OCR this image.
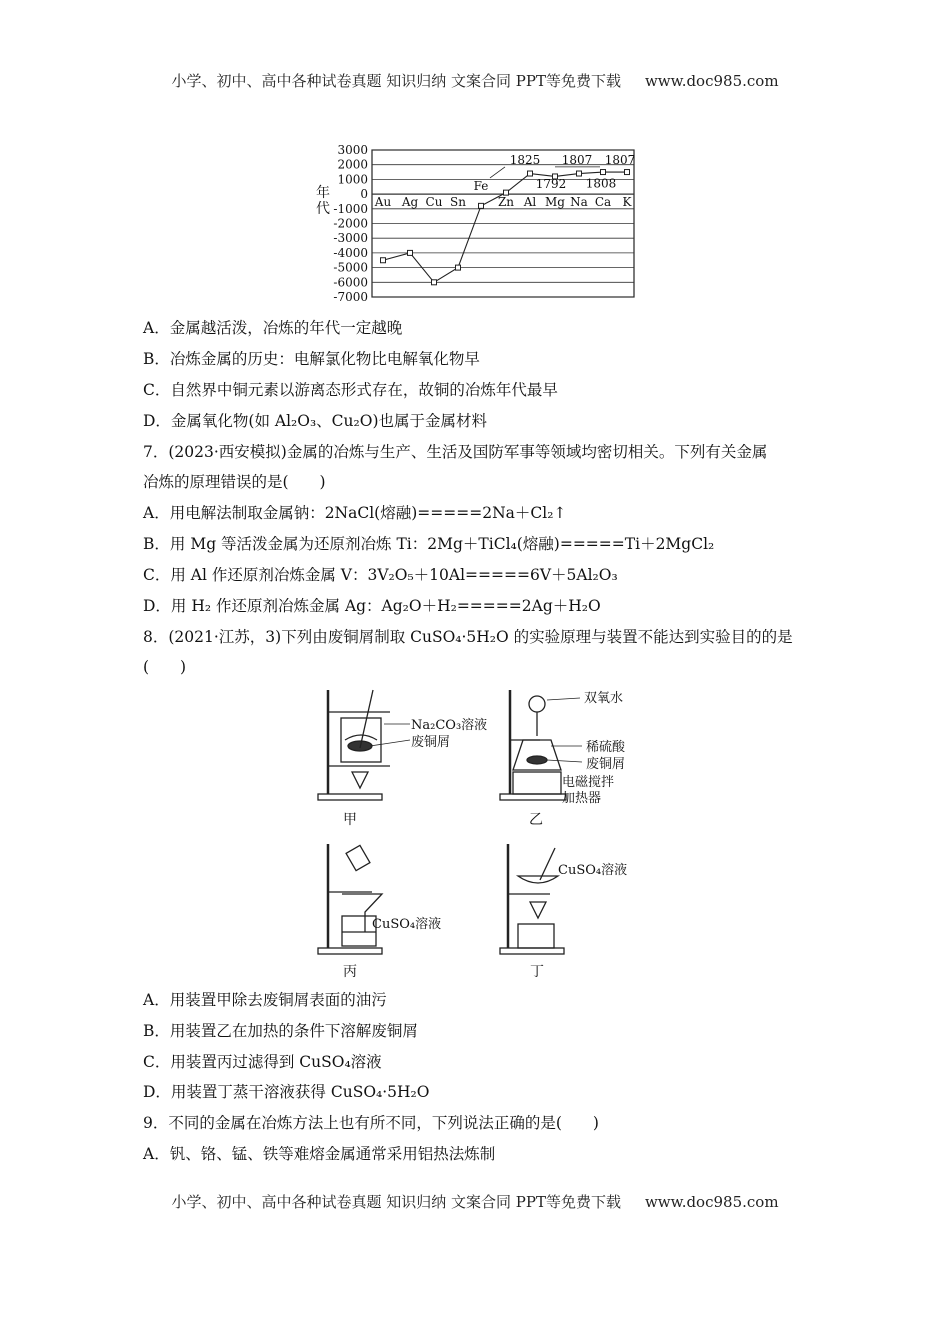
小学、初中、高中各种试卷真题 知识归纳 文案合同 PPT等免费下载 www.doc985.com
3000
2000
1000
0
-1000
-2000
-3000
-4000
-5000
-6000
-7000
年代	Au Ag Cu Sn
Fe
Zn Al Mg Na Ca K
1825 1807 1807
1792 1808
A．金属越活泼，冶炼的年代一定越晚
B．冶炼金属的历史：电解氯化物比电解氧化物早
C．自然界中铜元素以游离态形式存在，故铜的冶炼年代最早
D．金属氧化物(如 Al₂O₃、Cu₂O)也属于金属材料
7．(2023·西安模拟)金属的冶炼与生产、生活及国防军事等领域均密切相关。下列有关金属
冶炼的原理错误的是(　　)
A．用电解法制取金属钠：2NaCl(熔融)=====2Na＋Cl₂↑
B．用 Mg 等活泼金属为还原剂冶炼 Ti：2Mg＋TiCl₄(熔融)=====Ti＋2MgCl₂
C．用 Al 作还原剂冶炼金属 V：3V₂O₅＋10Al=====6V＋5Al₂O₃
D．用 H₂ 作还原剂冶炼金属 Ag：Ag₂O＋H₂=====2Ag＋H₂O
8．(2021·江苏，3)下列由废铜屑制取 CuSO₄·5H₂O 的实验原理与装置不能达到实验目的的是
(　　)
Na₂CO₃溶液
废铜屑
甲
双氧水
稀硫酸
废铜屑
电磁搅拌
加热器
乙
CuSO₄溶液
丙
CuSO₄溶液
丁
A．用装置甲除去废铜屑表面的油污
B．用装置乙在加热的条件下溶解废铜屑
C．用装置丙过滤得到 CuSO₄溶液
D．用装置丁蒸干溶液获得 CuSO₄·5H₂O
9．不同的金属在冶炼方法上也有所不同，下列说法正确的是(　　)
A．钒、铬、锰、铁等难熔金属通常采用铝热法炼制
小学、初中、高中各种试卷真题 知识归纳 文案合同 PPT等免费下载 www.doc985.com
